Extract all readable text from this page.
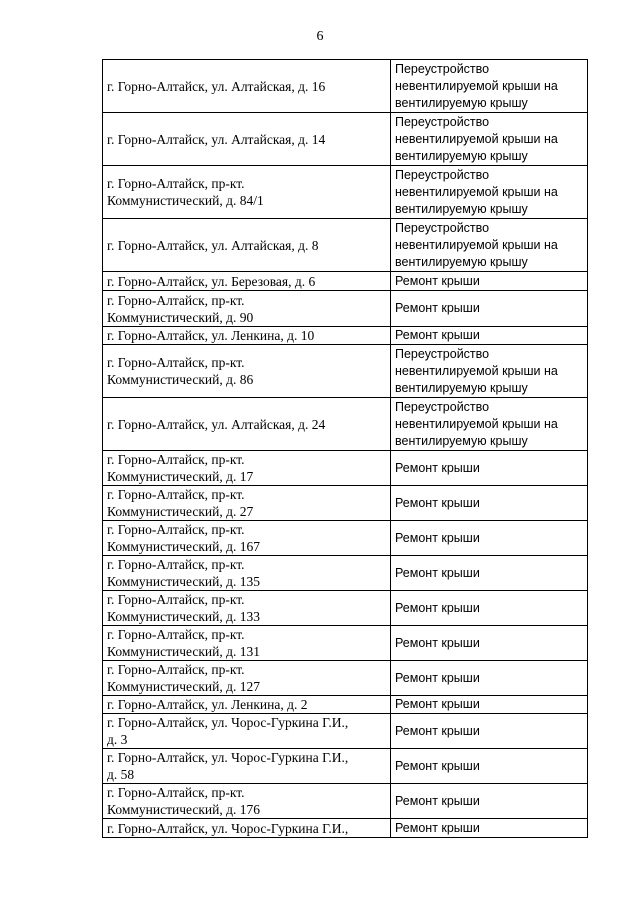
6
г. Горно-Алтайск, ул. Алтайская, д. 16	Переустройство
невентилируемой крыши на
вентилируемую крышу
г. Горно-Алтайск, ул. Алтайская, д. 14	Переустройство
невентилируемой крыши на
вентилируемую крышу
г. Горно-Алтайск, пр-кт.
Коммунистический, д. 84/1	Переустройство
невентилируемой крыши на
вентилируемую крышу
г. Горно-Алтайск, ул. Алтайская, д. 8	Переустройство
невентилируемой крыши на
вентилируемую крышу
г. Горно-Алтайск, ул. Березовая, д. 6	Ремонт крыши
г. Горно-Алтайск, пр-кт.
Коммунистический, д. 90	Ремонт крыши
г. Горно-Алтайск, ул. Ленкина, д. 10	Ремонт крыши
г. Горно-Алтайск, пр-кт.
Коммунистический, д. 86	Переустройство
невентилируемой крыши на
вентилируемую крышу
г. Горно-Алтайск, ул. Алтайская, д. 24	Переустройство
невентилируемой крыши на
вентилируемую крышу
г. Горно-Алтайск, пр-кт.
Коммунистический, д. 17	Ремонт крыши
г. Горно-Алтайск, пр-кт.
Коммунистический, д. 27	Ремонт крыши
г. Горно-Алтайск, пр-кт.
Коммунистический, д. 167	Ремонт крыши
г. Горно-Алтайск, пр-кт.
Коммунистический, д. 135	Ремонт крыши
г. Горно-Алтайск, пр-кт.
Коммунистический, д. 133	Ремонт крыши
г. Горно-Алтайск, пр-кт.
Коммунистический, д. 131	Ремонт крыши
г. Горно-Алтайск, пр-кт.
Коммунистический, д. 127	Ремонт крыши
г. Горно-Алтайск, ул. Ленкина, д. 2	Ремонт крыши
г. Горно-Алтайск, ул. Чорос-Гуркина Г.И.,
д. 3	Ремонт крыши
г. Горно-Алтайск, ул. Чорос-Гуркина Г.И.,
д. 58	Ремонт крыши
г. Горно-Алтайск, пр-кт.
Коммунистический, д. 176	Ремонт крыши
г. Горно-Алтайск, ул. Чорос-Гуркина Г.И.,	Ремонт крыши
